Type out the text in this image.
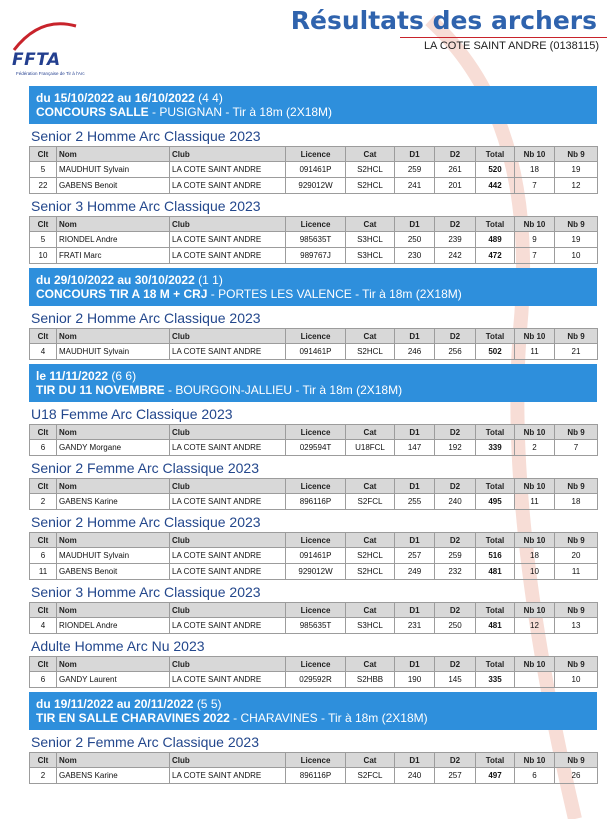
FFTA
Fédération Française de Tir à l'Arc
Résultats des archers
LA COTE SAINT ANDRE (0138115)
du 15/10/2022 au 16/10/2022 (4 4)
CONCOURS SALLE - PUSIGNAN - Tir à 18m (2X18M)
Senior 2 Homme Arc Classique 2023
Clt	Nom	Club	Licence	Cat	D1	D2	Total	Nb 10	Nb 9
5	MAUDHUIT Sylvain	LA COTE SAINT ANDRE	091461P	S2HCL	259	261	520	18	19
22	GABENS Benoit	LA COTE SAINT ANDRE	929012W	S2HCL	241	201	442	7	12
Senior 3 Homme Arc Classique 2023
Clt	Nom	Club	Licence	Cat	D1	D2	Total	Nb 10	Nb 9
5	RIONDEL Andre	LA COTE SAINT ANDRE	985635T	S3HCL	250	239	489	9	19
10	FRATI Marc	LA COTE SAINT ANDRE	989767J	S3HCL	230	242	472	7	10
du 29/10/2022 au 30/10/2022 (1 1)
CONCOURS TIR A 18 M + CRJ - PORTES LES VALENCE - Tir à 18m (2X18M)
Senior 2 Homme Arc Classique 2023
Clt	Nom	Club	Licence	Cat	D1	D2	Total	Nb 10	Nb 9
4	MAUDHUIT Sylvain	LA COTE SAINT ANDRE	091461P	S2HCL	246	256	502	11	21
le 11/11/2022 (6 6)
TIR DU 11 NOVEMBRE - BOURGOIN-JALLIEU - Tir à 18m (2X18M)
U18 Femme Arc Classique 2023
Clt	Nom	Club	Licence	Cat	D1	D2	Total	Nb 10	Nb 9
6	GANDY Morgane	LA COTE SAINT ANDRE	029594T	U18FCL	147	192	339	2	7
Senior 2 Femme Arc Classique 2023
Clt	Nom	Club	Licence	Cat	D1	D2	Total	Nb 10	Nb 9
2	GABENS Karine	LA COTE SAINT ANDRE	896116P	S2FCL	255	240	495	11	18
Senior 2 Homme Arc Classique 2023
Clt	Nom	Club	Licence	Cat	D1	D2	Total	Nb 10	Nb 9
6	MAUDHUIT Sylvain	LA COTE SAINT ANDRE	091461P	S2HCL	257	259	516	18	20
11	GABENS Benoit	LA COTE SAINT ANDRE	929012W	S2HCL	249	232	481	10	11
Senior 3 Homme Arc Classique 2023
Clt	Nom	Club	Licence	Cat	D1	D2	Total	Nb 10	Nb 9
4	RIONDEL Andre	LA COTE SAINT ANDRE	985635T	S3HCL	231	250	481	12	13
Adulte Homme Arc Nu 2023
Clt	Nom	Club	Licence	Cat	D1	D2	Total	Nb 10	Nb 9
6	GANDY Laurent	LA COTE SAINT ANDRE	029592R	S2HBB	190	145	335		10
du 19/11/2022 au 20/11/2022 (5 5)
TIR EN SALLE CHARAVINES 2022 - CHARAVINES - Tir à 18m (2X18M)
Senior 2 Femme Arc Classique 2023
Clt	Nom	Club	Licence	Cat	D1	D2	Total	Nb 10	Nb 9
2	GABENS Karine	LA COTE SAINT ANDRE	896116P	S2FCL	240	257	497	6	26
